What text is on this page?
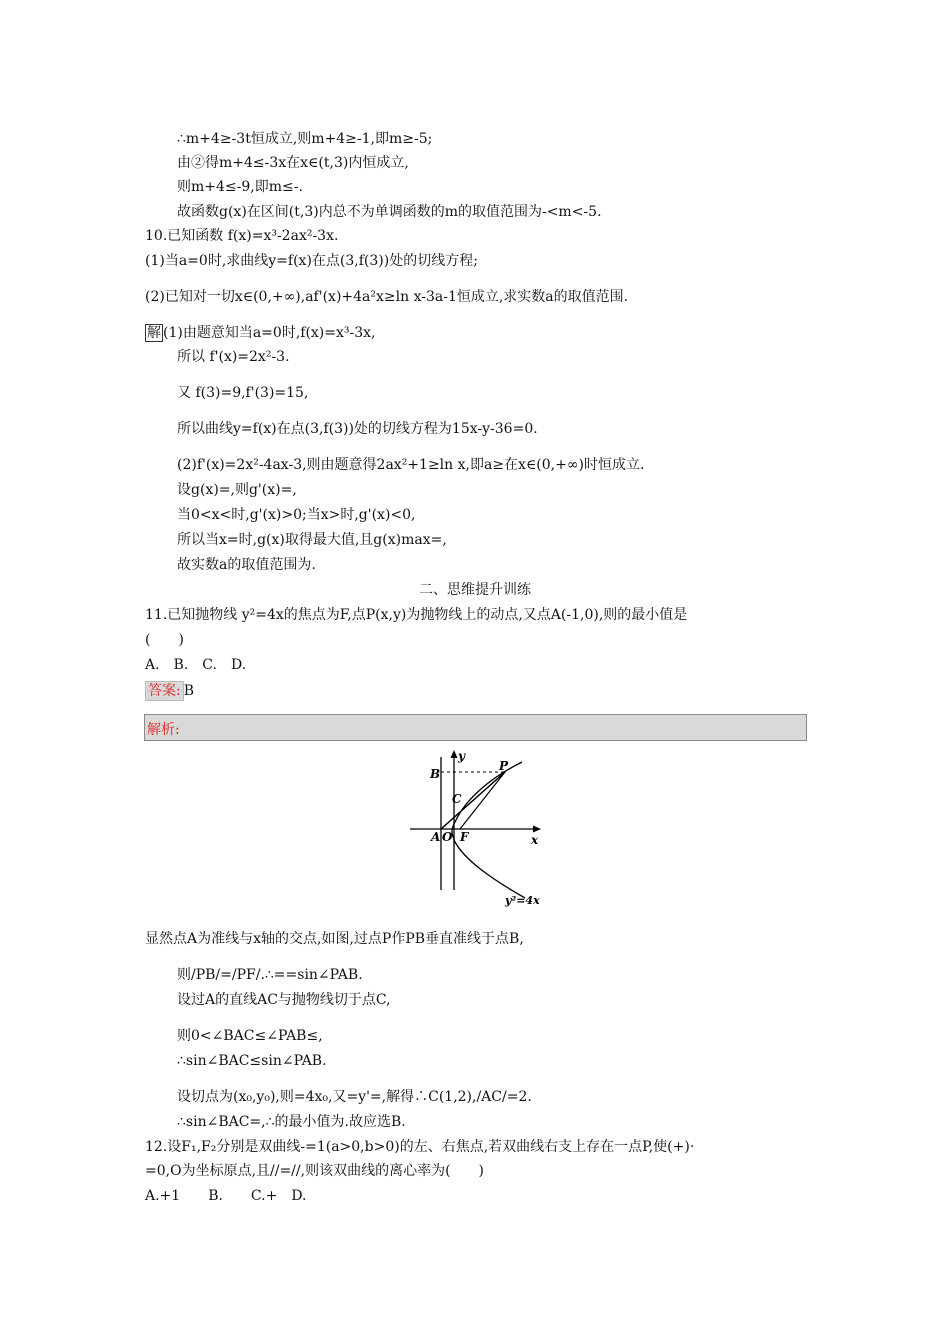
∴m+4≥-3t恒成立,则m+4≥-1,即m≥-5;
由②得m+4≤-3x在x∈(t,3)内恒成立,
则m+4≤-9,即m≤-.
故函数g(x)在区间(t,3)内总不为单调函数的m的取值范围为-<m<-5.
10.已知函数 f(x)=x³-2ax²-3x.
(1)当a=0时,求曲线y=f(x)在点(3,f(3))处的切线方程;
(2)已知对一切x∈(0,+∞),af'(x)+4a²x≥ln x-3a-1恒成立,求实数a的取值范围.
解 (1)由题意知当a=0时,f(x)=x³-3x,
所以 f'(x)=2x²-3.
又 f(3)=9,f'(3)=15,
所以曲线y=f(x)在点(3,f(3))处的切线方程为15x-y-36=0.
(2)f'(x)=2x²-4ax-3,则由题意得2ax²+1≥ln x,即a≥在x∈(0,+∞)时恒成立.
设g(x)=,则g'(x)=,
当0<x<时,g'(x)>0;当x>时,g'(x)<0,
所以当x=时,g(x)取得最大值,且g(x)max=,
故实数a的取值范围为.
二、思维提升训练
11.已知抛物线 y²=4x的焦点为F,点P(x,y)为抛物线上的动点,又点A(-1,0),则的最小值是
(　　)
A.　B.　C.　D.
答案: B
解析:
y
x
B
P
C
A O F
y²=4x
显然点A为准线与x轴的交点,如图,过点P作PB垂直准线于点B,
则/PB/=/PF/.∴==sin∠PAB.
设过A的直线AC与抛物线切于点C,
则0<∠BAC≤∠PAB≤,
∴sin∠BAC≤sin∠PAB.
设切点为(x₀,y₀),则=4x₀,又=y'=,解得∴C(1,2),/AC/=2.
∴sin∠BAC=,∴的最小值为.故应选B.
12.设F₁,F₂分别是双曲线-=1(a>0,b>0)的左、右焦点,若双曲线右支上存在一点P,使(+)·
=0,O为坐标原点,且//=//,则该双曲线的离心率为(　　)
A.+1　　B.　　C.+　D.
